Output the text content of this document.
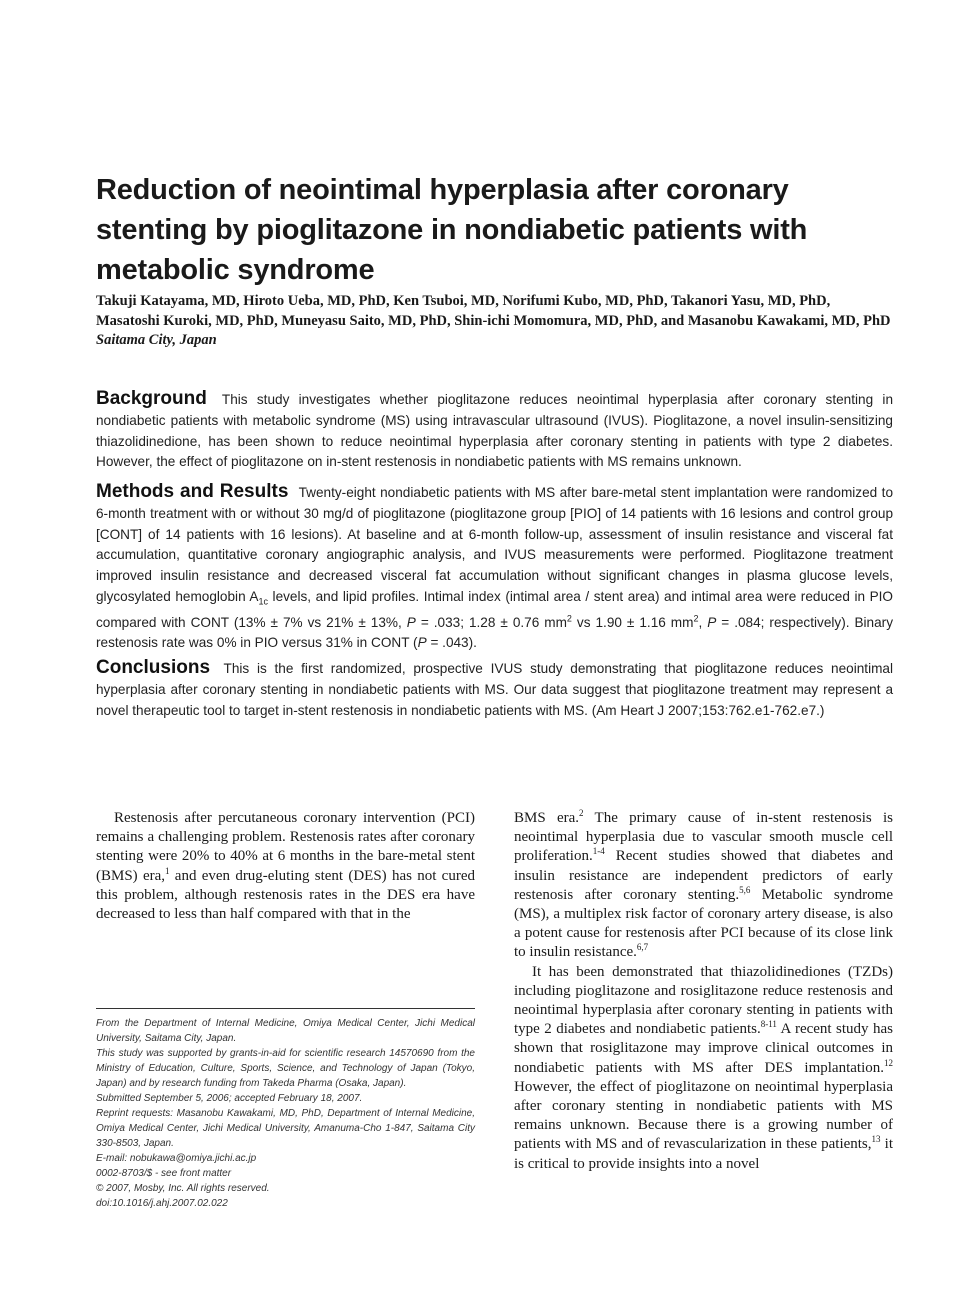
Reduction of neointimal hyperplasia after coronary stenting by pioglitazone in nondiabetic patients with metabolic syndrome
Takuji Katayama, MD, Hiroto Ueba, MD, PhD, Ken Tsuboi, MD, Norifumi Kubo, MD, PhD, Takanori Yasu, MD, PhD, Masatoshi Kuroki, MD, PhD, Muneyasu Saito, MD, PhD, Shin-ichi Momomura, MD, PhD, and Masanobu Kawakami, MD, PhD Saitama City, Japan
Background This study investigates whether pioglitazone reduces neointimal hyperplasia after coronary stenting in nondiabetic patients with metabolic syndrome (MS) using intravascular ultrasound (IVUS). Pioglitazone, a novel insulin-sensitizing thiazolidinedione, has been shown to reduce neointimal hyperplasia after coronary stenting in patients with type 2 diabetes. However, the effect of pioglitazone on in-stent restenosis in nondiabetic patients with MS remains unknown.
Methods and Results Twenty-eight nondiabetic patients with MS after bare-metal stent implantation were randomized to 6-month treatment with or without 30 mg/d of pioglitazone (pioglitazone group [PIO] of 14 patients with 16 lesions and control group [CONT] of 14 patients with 16 lesions). At baseline and at 6-month follow-up, assessment of insulin resistance and visceral fat accumulation, quantitative coronary angiographic analysis, and IVUS measurements were performed. Pioglitazone treatment improved insulin resistance and decreased visceral fat accumulation without significant changes in plasma glucose levels, glycosylated hemoglobin $A_{1c}$ levels, and lipid profiles. Intimal index (intimal area / stent area) and intimal area were reduced in PIO compared with CONT (13% ± 7% vs 21% ± 13%, P = .033; 1.28 ± 0.76 $mm^2$ vs 1.90 ± 1.16 $mm^2$, P = .084; respectively). Binary restenosis rate was 0% in PIO versus 31% in CONT (P = .043).
Conclusions This is the first randomized, prospective IVUS study demonstrating that pioglitazone reduces neointimal hyperplasia after coronary stenting in nondiabetic patients with MS. Our data suggest that pioglitazone treatment may represent a novel therapeutic tool to target in-stent restenosis in nondiabetic patients with MS. (Am Heart J 2007;153:762.e1-762.e7.)

Restenosis after percutaneous coronary intervention (PCI) remains a challenging problem. Restenosis rates after coronary stenting were 20% to 40% at 6 months in the bare-metal stent (BMS) era,$^1$ and even drug-eluting stent (DES) has not cured this problem, although restenosis rates in the DES era have decreased to less than half compared with that in the

From the Department of Internal Medicine, Omiya Medical Center, Jichi Medical University, Saitama City, Japan.
This study was supported by grants-in-aid for scientific research 14570690 from the Ministry of Education, Culture, Sports, Science, and Technology of Japan (Tokyo, Japan) and by research funding from Takeda Pharma (Osaka, Japan).
Submitted September 5, 2006; accepted February 18, 2007.
Reprint requests: Masanobu Kawakami, MD, PhD, Department of Internal Medicine, Omiya Medical Center, Jichi Medical University, Amanuma-Cho 1-847, Saitama City 330-8503, Japan.
E-mail: nobukawa@omiya.jichi.ac.jp
0002-8703/$ - see front matter
© 2007, Mosby, Inc. All rights reserved.
doi:10.1016/j.ahj.2007.02.022

BMS era.$^2$ The primary cause of in-stent restenosis is neointimal hyperplasia due to vascular smooth muscle cell proliferation.$^{1-4}$ Recent studies showed that diabetes and insulin resistance are independent predictors of early restenosis after coronary stenting.$^{5,6}$ Metabolic syndrome (MS), a multiplex risk factor of coronary artery disease, is also a potent cause for restenosis after PCI because of its close link to insulin resistance.$^{6,7}$

It has been demonstrated that thiazolidinediones (TZDs) including pioglitazone and rosiglitazone reduce restenosis and neointimal hyperplasia after coronary stenting in patients with type 2 diabetes and nondiabetic patients.$^{8-11}$ A recent study has shown that rosiglitazone may improve clinical outcomes in nondiabetic patients with MS after DES implantation.$^{12}$ However, the effect of pioglitazone on neointimal hyperplasia after coronary stenting in nondiabetic patients with MS remains unknown. Because there is a growing number of patients with MS and of revascularization in these patients,$^{13}$ it is critical to provide insights into a novel
